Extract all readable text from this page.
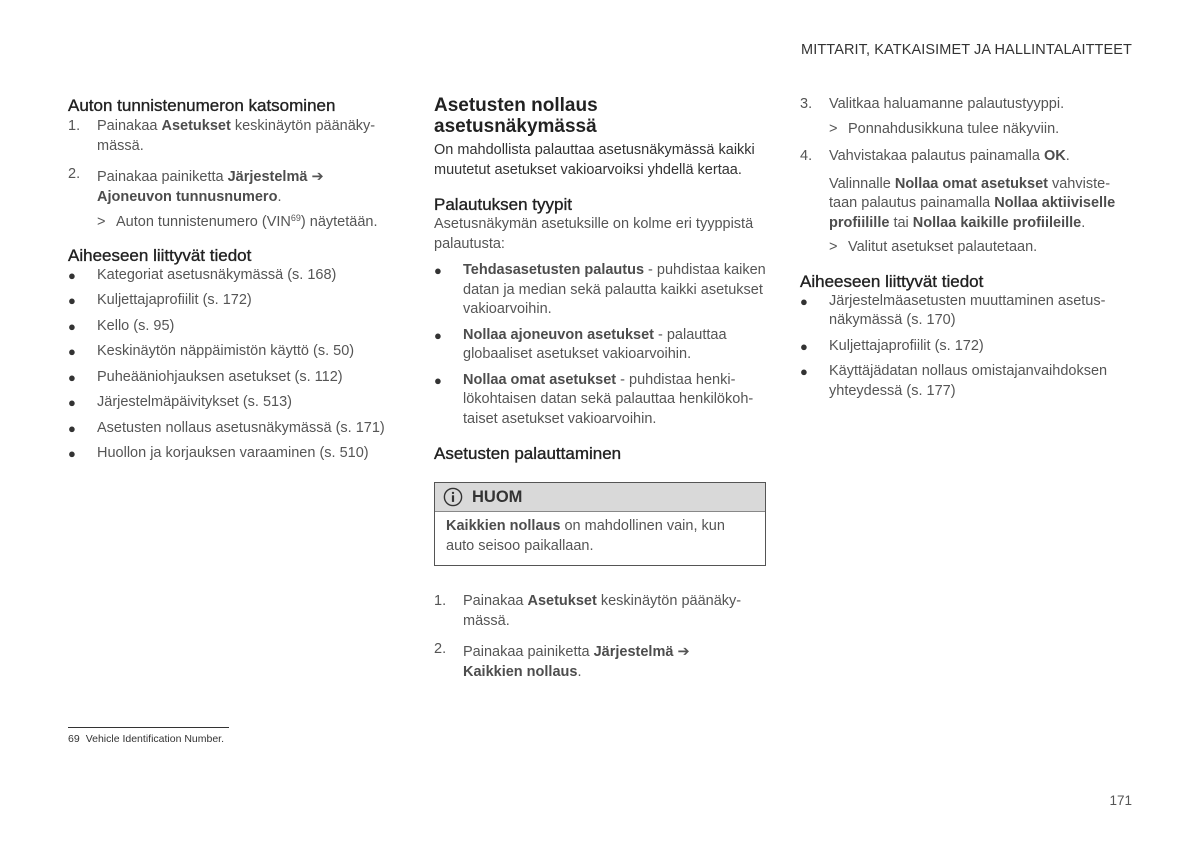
MITTARIT, KATKAISIMET JA HALLINTALAITTEET
Auton tunnistenumeron katsominen
1.	Painakaa Asetukset keskinäytön päänäky-mässä.
2.	Painakaa painiketta Järjestelmä ➔
Ajoneuvon tunnusnumero.
> Auton tunnistenumero (VIN$^{69}$) näytetään.
Aiheeseen liittyvät tiedot
●	Kategoriat asetusnäkymässä (s. 168)
●	Kuljettajaprofiilit (s. 172)
●	Kello (s. 95)
●	Keskinäytön näppäimistön käyttö (s. 50)
●	Puheääniohjauksen asetukset (s. 112)
●	Järjestelmäpäivitykset (s. 513)
●	Asetusten nollaus asetusnäkymässä (s. 171)
●	Huollon ja korjauksen varaaminen (s. 510)
Asetusten nollaus
asetusnäkymässä

On mahdollista palauttaa asetusnäkymässä kaikki muutetut asetukset vakioarvoiksi yhdellä kertaa.

Palautuksen tyypit

Asetusnäkymän asetuksille on kolme eri tyyppistä palautusta:

●	Tehdasasetusten palautus - puhdistaa kaiken datan ja median sekä palautta kaikki asetukset vakioarvoihin.
●	Nollaa ajoneuvon asetukset - palauttaa globaaliset asetukset vakioarvoihin.
●	Nollaa omat asetukset - puhdistaa henki-lökohtaisen datan sekä palauttaa henkilökoh-taiset asetukset vakioarvoihin.
Asetusten palauttaminen
HUOM
Kaikkien nollaus on mahdollinen vain, kun auto seisoo paikallaan.
1.	Painakaa Asetukset keskinäytön päänäky-mässä.
2.	Painakaa painiketta Järjestelmä ➔
Kaikkien nollaus.
3.	Valitkaa haluamanne palautustyyppi.
> Ponnahdusikkuna tulee näkyviin.
4.	Vahvistakaa palautus painamalla OK.
Valinnalle Nollaa omat asetukset vahviste-taan palautus painamalla Nollaa aktiiviselle profiilille tai Nollaa kaikille profiileille.
> Valitut asetukset palautetaan.
Aiheeseen liittyvät tiedot
●	Järjestelmäasetusten muuttaminen asetus-näkymässä (s. 170)
●	Kuljettajaprofiilit (s. 172)
●	Käyttäjädatan nollaus omistajanvaihdoksen yhteydessä (s. 177)
69 Vehicle Identification Number.
171
